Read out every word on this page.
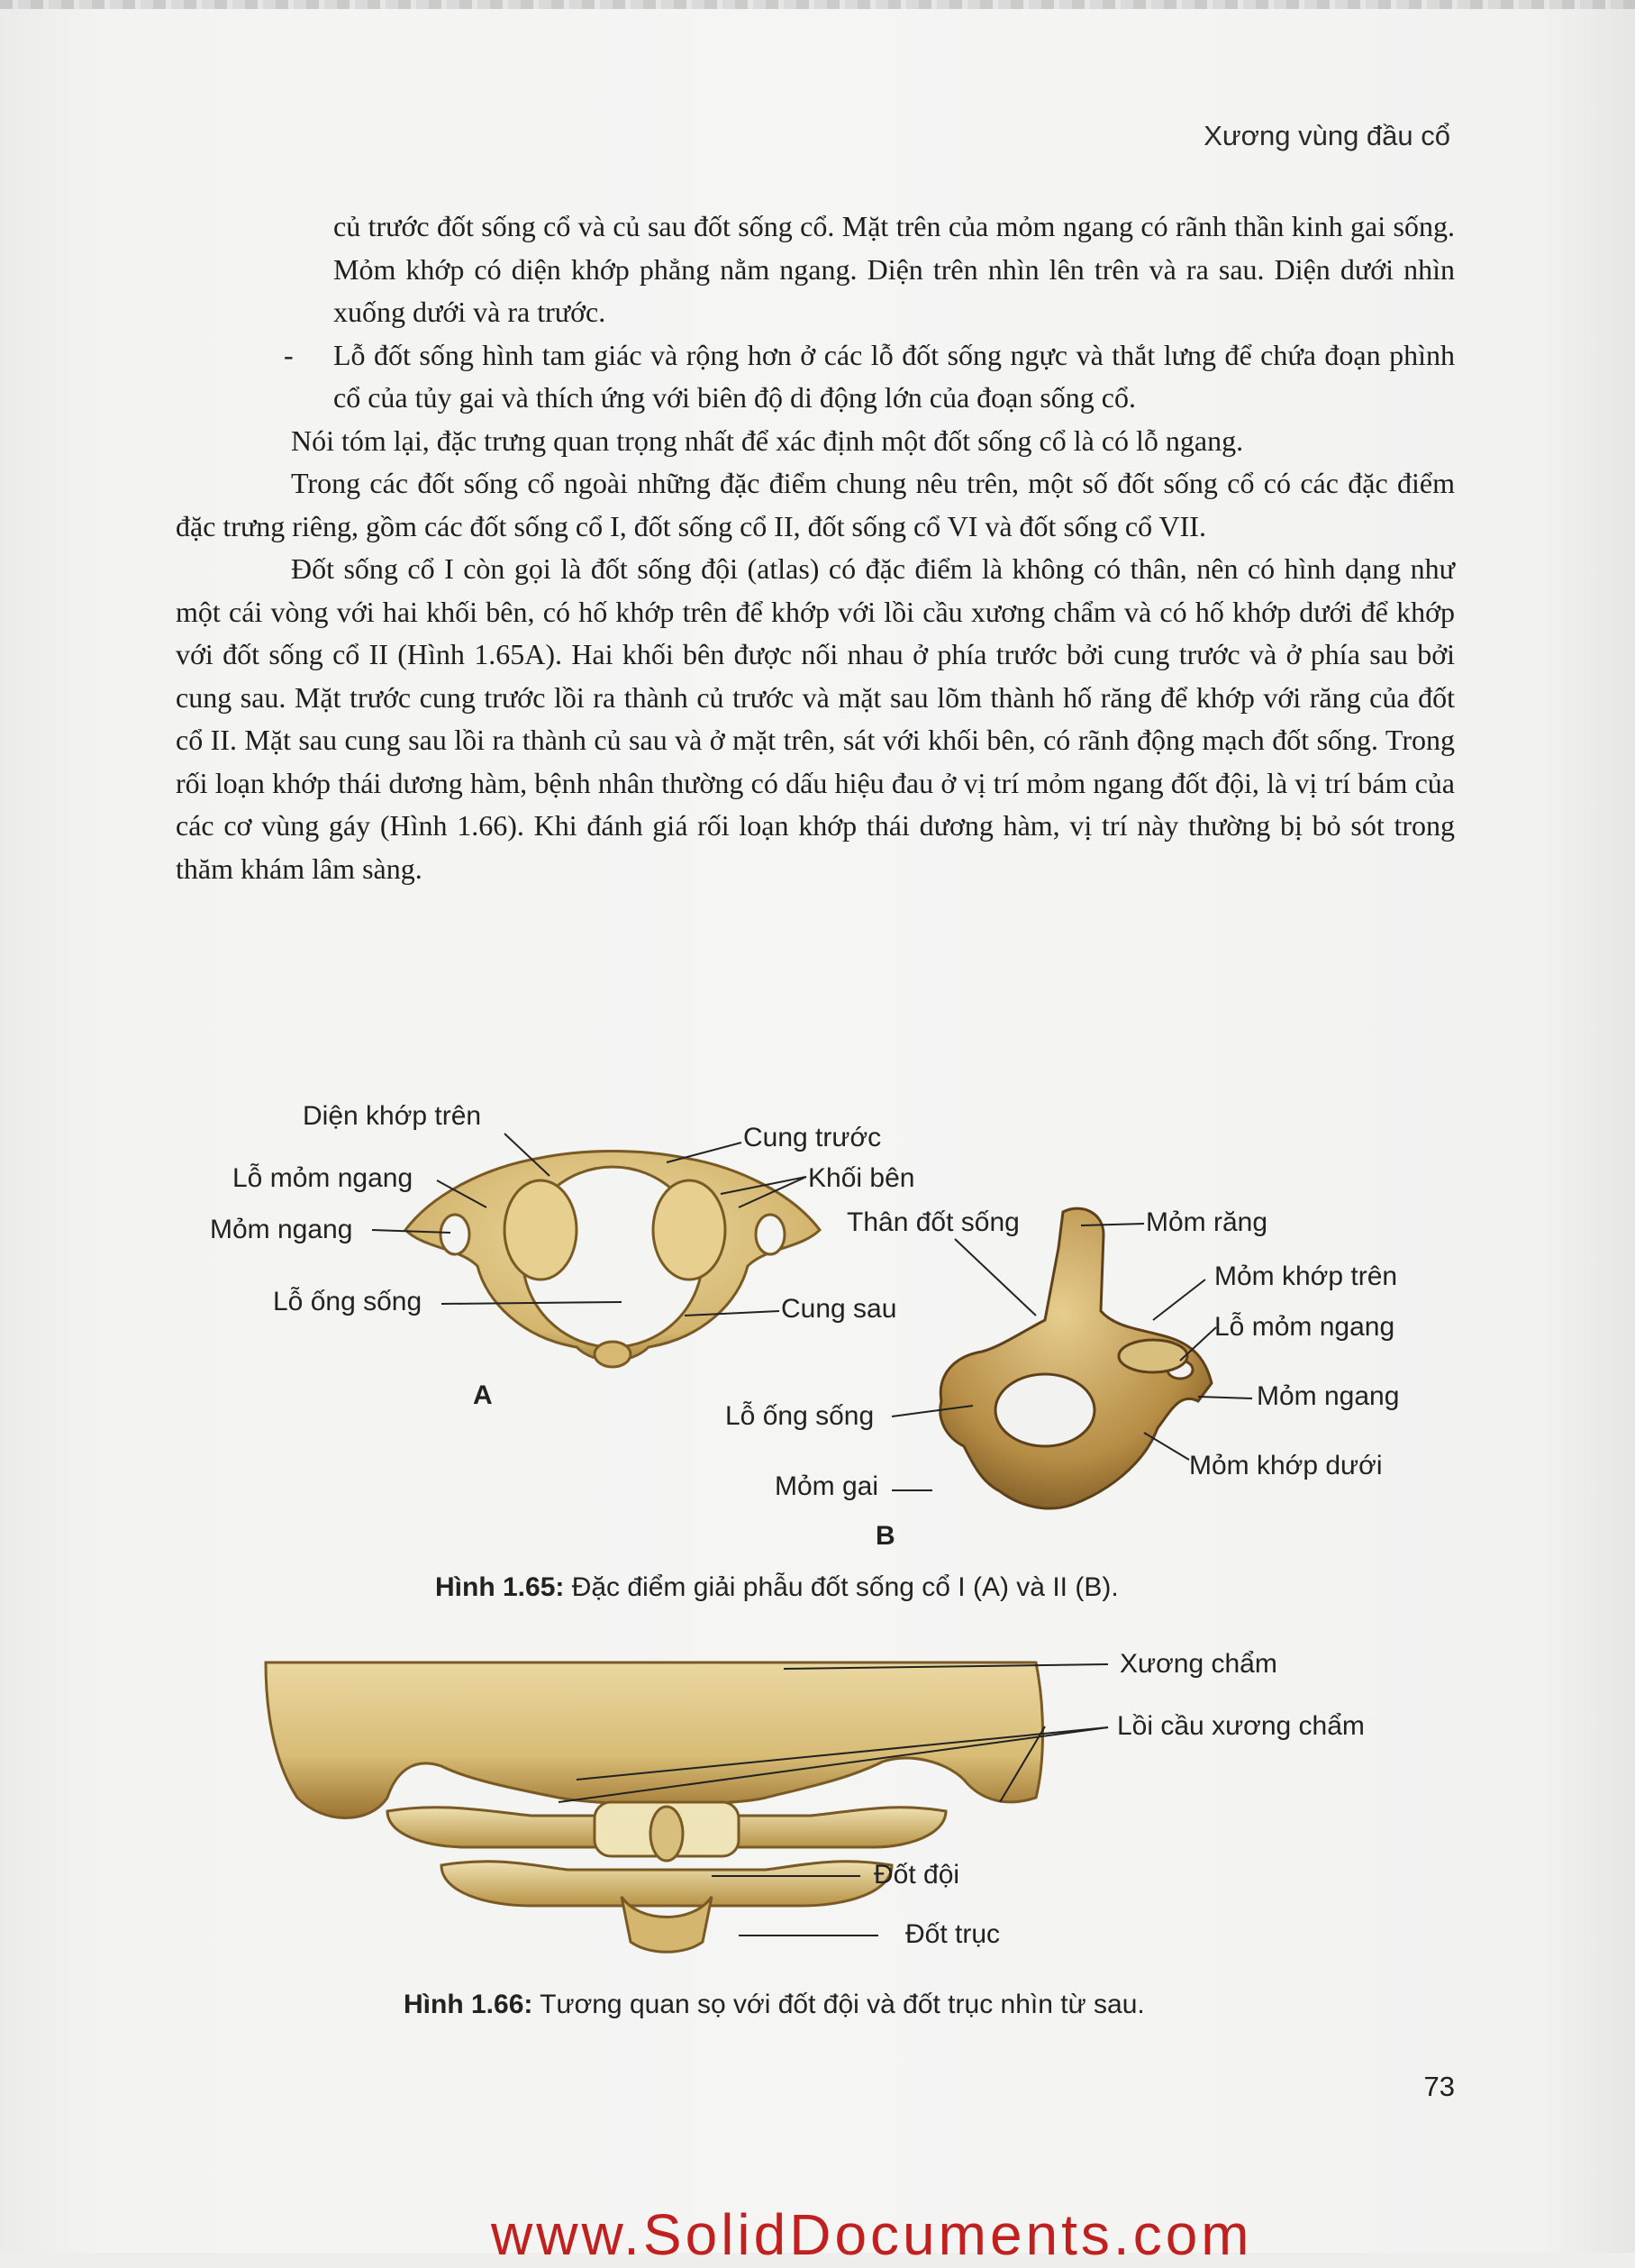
Xương vùng đầu cổ

củ trước đốt sống cổ và củ sau đốt sống cổ. Mặt trên của mỏm ngang có rãnh thần kinh gai sống. Mỏm khớp có diện khớp phẳng nằm ngang. Diện trên nhìn lên trên và ra sau. Diện dưới nhìn xuống dưới và ra trước.

-	Lỗ đốt sống hình tam giác và rộng hơn ở các lỗ đốt sống ngực và thắt lưng để chứa đoạn phình cổ của tủy gai và thích ứng với biên độ di động lớn của đoạn sống cổ.

Nói tóm lại, đặc trưng quan trọng nhất để xác định một đốt sống cổ là có lỗ ngang.

Trong các đốt sống cổ ngoài những đặc điểm chung nêu trên, một số đốt sống cổ có các đặc điểm đặc trưng riêng, gồm các đốt sống cổ I, đốt sống cổ II, đốt sống cổ VI và đốt sống cổ VII.

Đốt sống cổ I còn gọi là đốt sống đội (atlas) có đặc điểm là không có thân, nên có hình dạng như một cái vòng với hai khối bên, có hố khớp trên để khớp với lồi cầu xương chẩm và có hố khớp dưới để khớp với đốt sống cổ II (Hình 1.65A). Hai khối bên được nối nhau ở phía trước bởi cung trước và ở phía sau bởi cung sau. Mặt trước cung trước lồi ra thành củ trước và mặt sau lõm thành hố răng để khớp với răng của đốt cổ II. Mặt sau cung sau lồi ra thành củ sau và ở mặt trên, sát với khối bên, có rãnh động mạch đốt sống. Trong rối loạn khớp thái dương hàm, bệnh nhân thường có dấu hiệu đau ở vị trí mỏm ngang đốt đội, là vị trí bám của các cơ vùng gáy (Hình 1.66). Khi đánh giá rối loạn khớp thái dương hàm, vị trí này thường bị bỏ sót trong thăm khám lâm sàng.

Diện khớp trên
Lỗ mỏm ngang
Mỏm ngang
Lỗ ống sống
Cung trước
Khối bên
Cung sau
A
Thân đốt sống	Mỏm răng
Mỏm khớp trên
Lỗ mỏm ngang
Mỏm ngang
Lỗ ống sống
Mỏm gai
Mỏm khớp dưới
B
Hình 1.65: Đặc điểm giải phẫu đốt sống cổ I (A) và II (B).
Xương chẩm
Lồi cầu xương chẩm
Đốt đội
Đốt trục
Hình 1.66: Tương quan sọ với đốt đội và đốt trục nhìn từ sau.
73
www.SolidDocuments.com
